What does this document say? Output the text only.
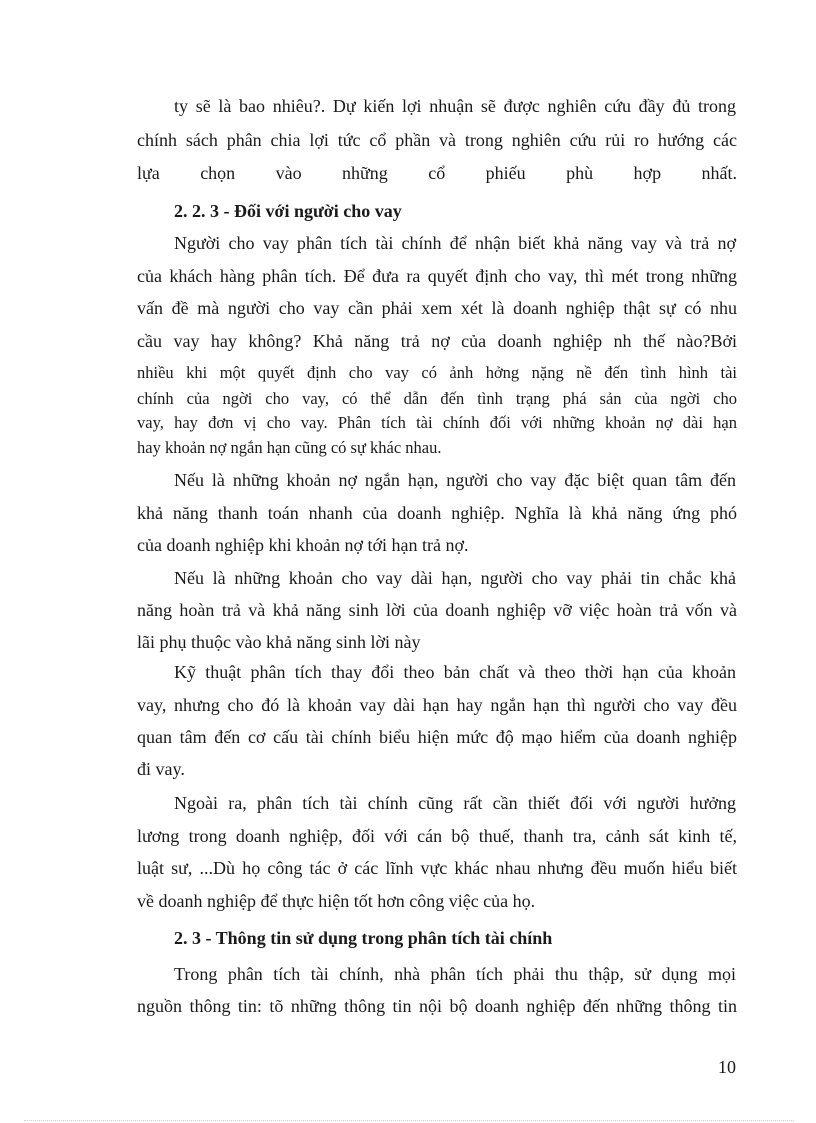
ty sẽ là bao nhiêu?. Dự kiến lợi nhuận sẽ được nghiên cứu đầy đủ trong
chính sách phân chia lợi tức cổ phần và trong nghiên cứu rủi ro hướng các
lựa chọn vào những cổ phiếu phù hợp nhất.
2. 2. 3 - Đối với người cho vay
Người cho vay phân tích tài chính để nhận biết khả năng vay và trả nợ
của khách hàng phân tích. Để đưa ra quyết định cho vay, thì mét trong những
vấn đề mà người cho vay cần phải xem xét là doanh nghiệp thật sự có nhu
cầu vay hay không? Khả năng trả nợ của doanh nghiệp nh thế nào?Bởi
nhiều khi một quyết định cho vay có ảnh hởng nặng nề đến tình hình tài
chính của ngời cho vay, có thể dẫn đến tình trạng phá sản của ngời cho
vay, hay đơn vị cho vay. Phân tích tài chính đối với những khoản nợ dài hạn
hay khoản nợ ngắn hạn cũng có sự khác nhau.
Nếu là những khoản nợ ngắn hạn, người cho vay đặc biệt quan tâm đến
khả năng thanh toán nhanh của doanh nghiệp. Nghĩa là khả năng ứng phó
của doanh nghiệp khi khoản nợ tới hạn trả nợ.
Nếu là những khoản cho vay dài hạn, người cho vay phải tin chắc khả
năng hoàn trả và khả năng sinh lời của doanh nghiệp vỡ việc hoàn trả vốn và
lãi phụ thuộc vào khả năng sinh lời này
Kỹ thuật phân tích thay đổi theo bản chất và theo thời hạn của khoản
vay, nhưng cho đó là khoản vay dài hạn hay ngắn hạn thì người cho vay đều
quan tâm đến cơ cấu tài chính biểu hiện mức độ mạo hiểm của doanh nghiệp
đi vay.
Ngoài ra, phân tích tài chính cũng rất cần thiết đối với người hưởng
lương trong doanh nghiệp, đối với cán bộ thuế, thanh tra, cảnh sát kinh tế,
luật sư, ...Dù họ công tác ở các lĩnh vực khác nhau nhưng đều muốn hiểu biết
về doanh nghiệp để thực hiện tốt hơn công việc của họ.
2. 3 - Thông tin sử dụng trong phân tích tài chính
Trong phân tích tài chính, nhà phân tích phải thu thập, sử dụng mọi
nguồn thông tin: tõ những thông tin nội bộ doanh nghiệp đến những thông tin
10
